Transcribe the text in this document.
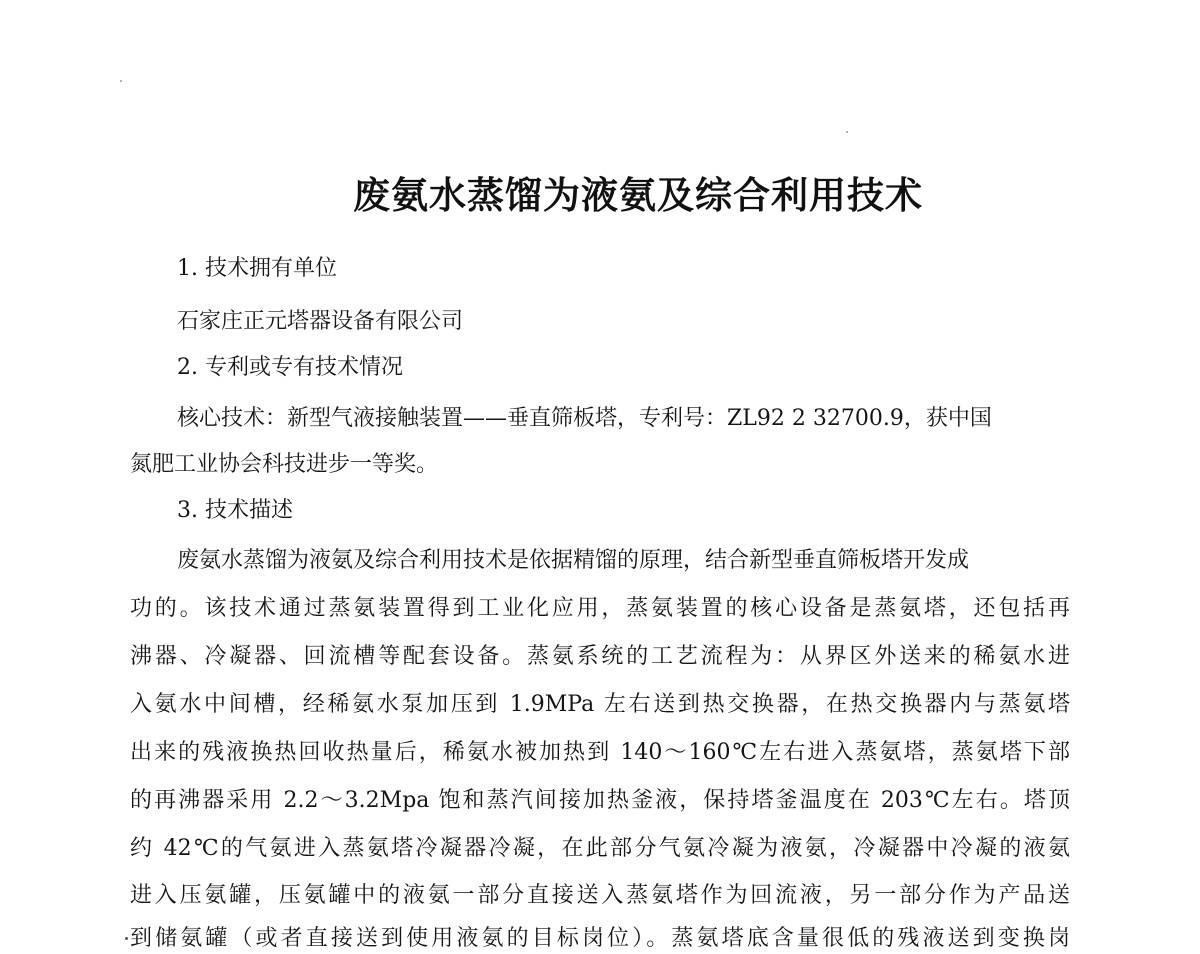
废氨水蒸馏为液氨及综合利用技术
1. 技术拥有单位
石家庄正元塔器设备有限公司
2. 专利或专有技术情况
核心技术：新型气液接触装置——垂直筛板塔，专利号：ZL92 2 32700.9，获中国
氮肥工业协会科技进步一等奖。
3. 技术描述
废氨水蒸馏为液氨及综合利用技术是依据精馏的原理，结合新型垂直筛板塔开发成
功的。该技术通过蒸氨装置得到工业化应用，蒸氨装置的核心设备是蒸氨塔，还包括再
沸器、冷凝器、回流槽等配套设备。蒸氨系统的工艺流程为：从界区外送来的稀氨水进
入氨水中间槽，经稀氨水泵加压到 1.9MPa 左右送到热交换器，在热交换器内与蒸氨塔
出来的残液换热回收热量后，稀氨水被加热到 140～160℃左右进入蒸氨塔，蒸氨塔下部
的再沸器采用 2.2～3.2Mpa 饱和蒸汽间接加热釜液，保持塔釜温度在 203℃左右。塔顶
约 42℃的气氨进入蒸氨塔冷凝器冷凝，在此部分气氨冷凝为液氨，冷凝器中冷凝的液氨
进入压氨罐，压氨罐中的液氨一部分直接送入蒸氨塔作为回流液，另一部分作为产品送
到储氨罐（或者直接送到使用液氨的目标岗位）。蒸氨塔底含量很低的残液送到变换岗
